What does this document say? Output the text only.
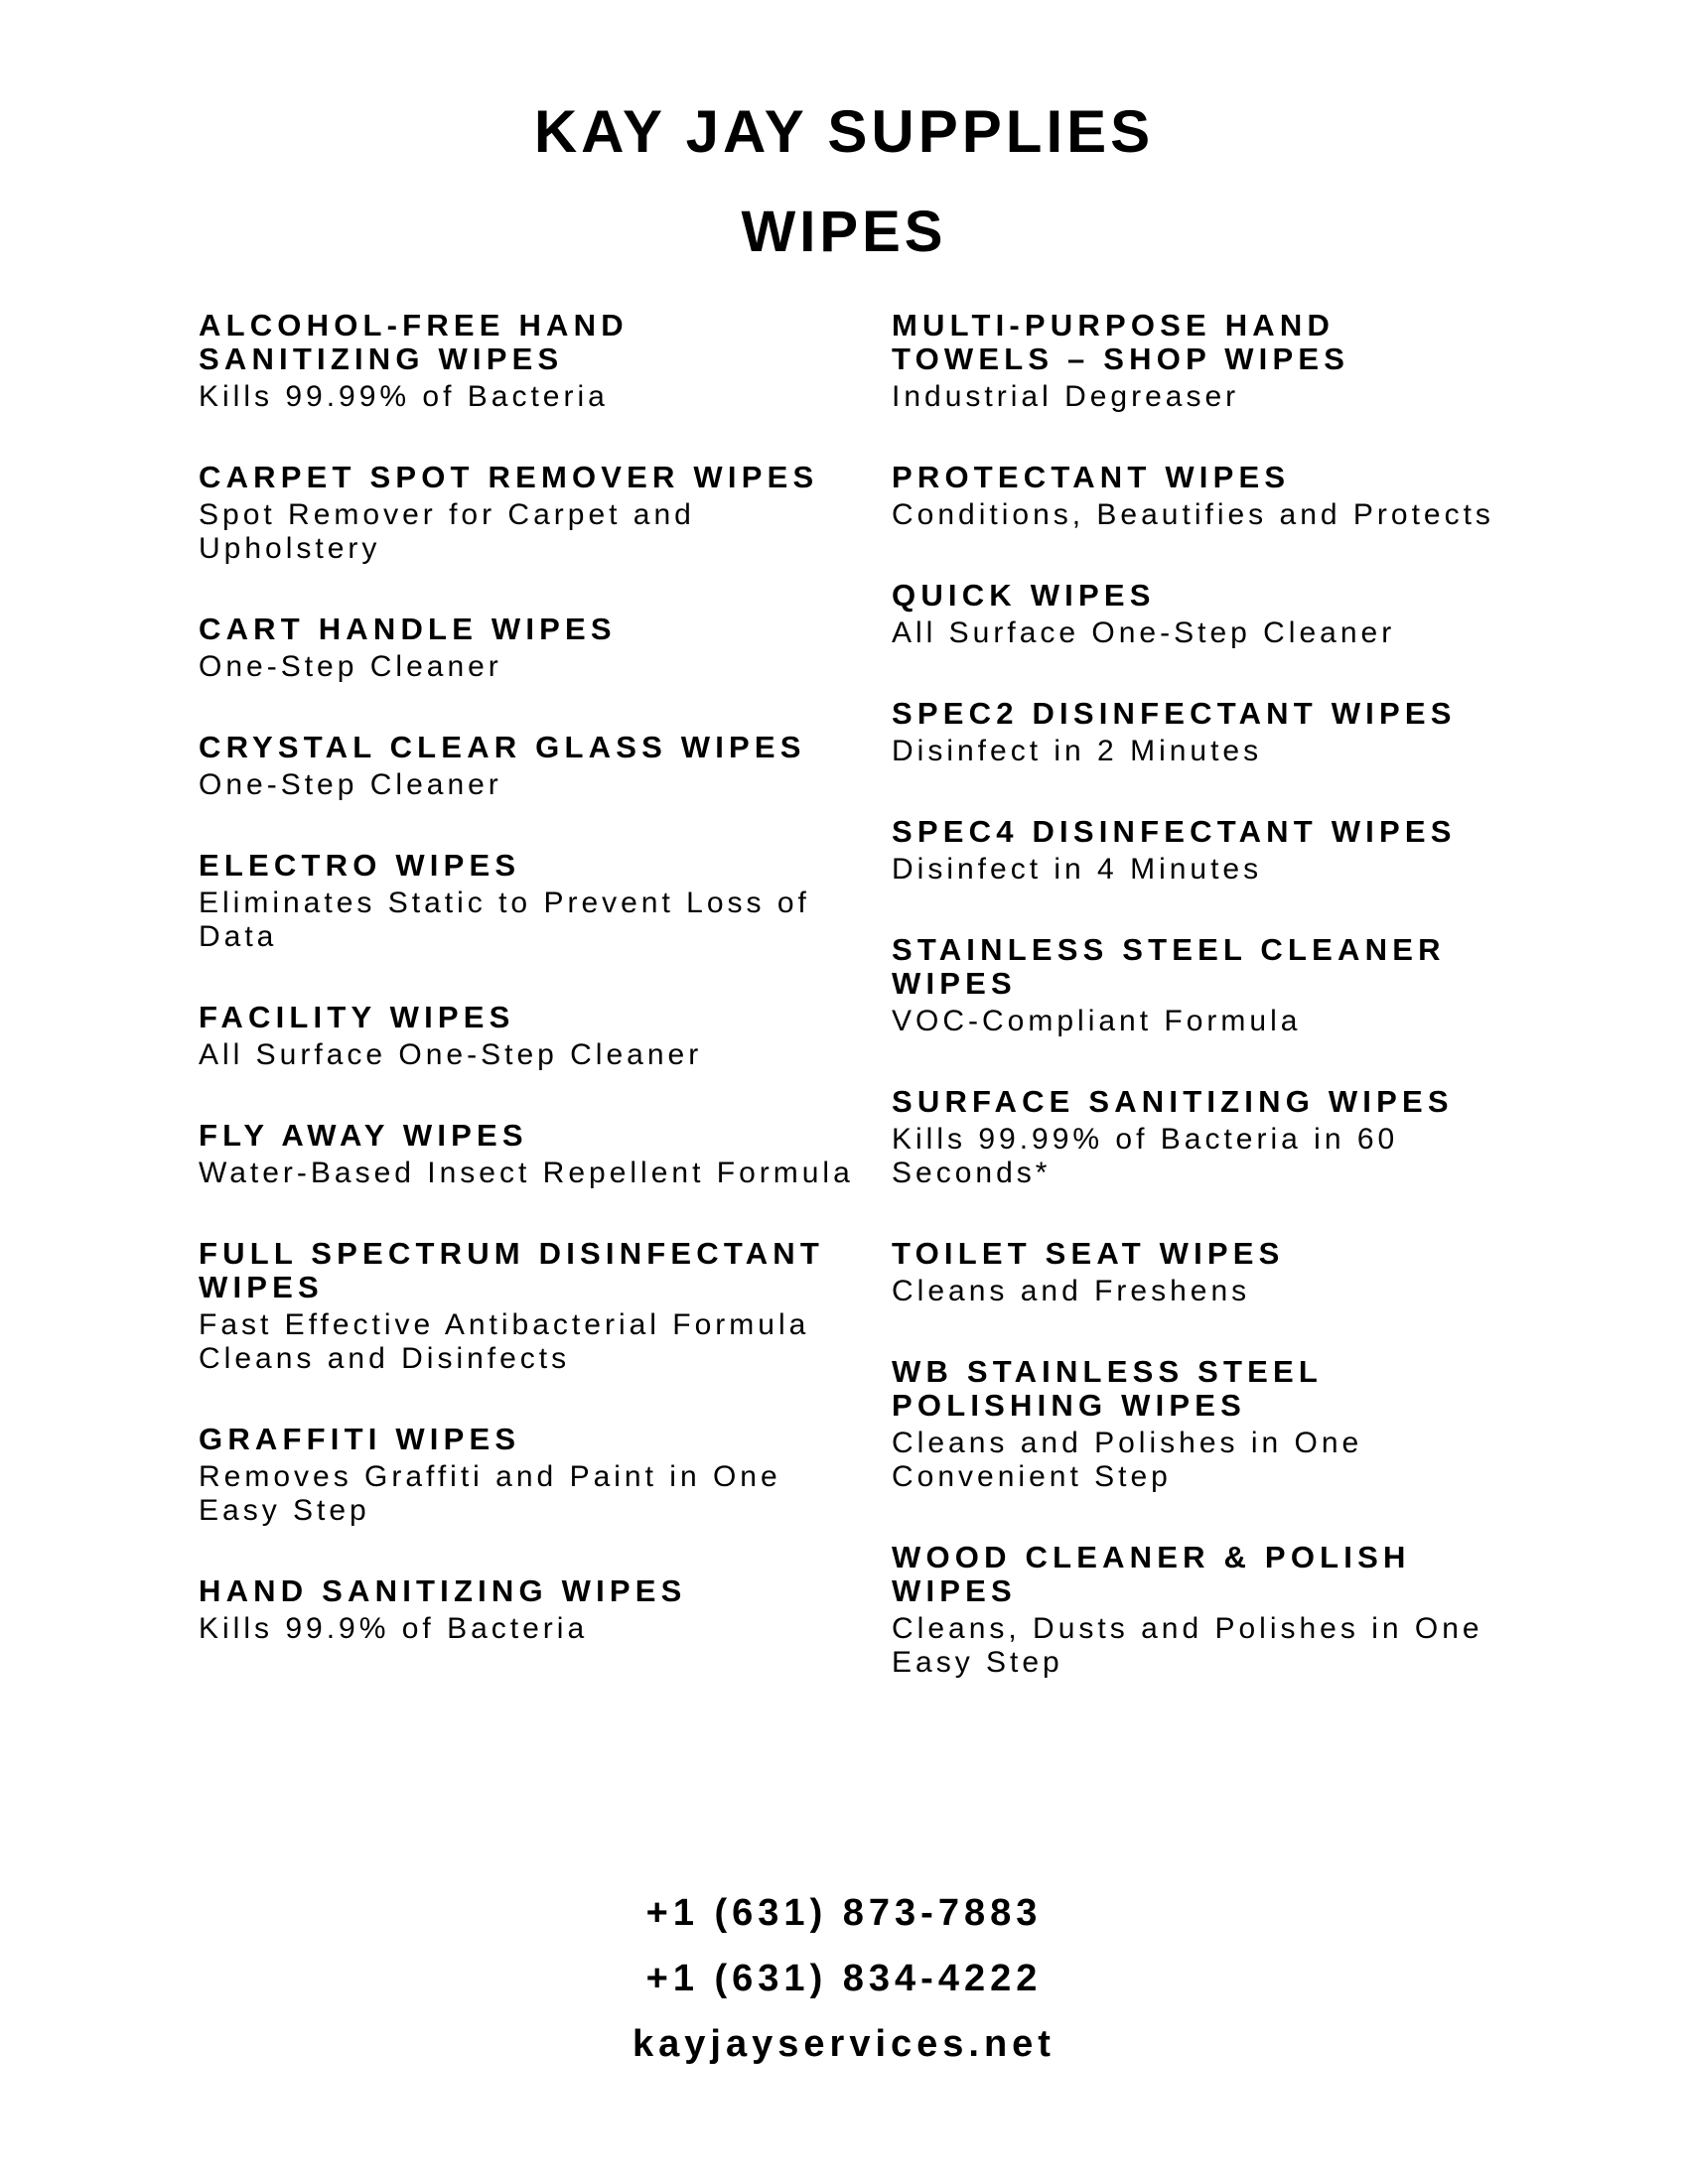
KAY JAY SUPPLIES
WIPES

ALCOHOL-FREE HAND SANITIZING WIPES

Kills 99.99% of Bacteria

CARPET SPOT REMOVER WIPES

Spot Remover for Carpet and Upholstery

CART HANDLE WIPES

One-Step Cleaner

CRYSTAL CLEAR GLASS WIPES

One-Step Cleaner

ELECTRO WIPES

Eliminates Static to Prevent Loss of Data

FACILITY WIPES

All Surface One-Step Cleaner

FLY AWAY WIPES

Water-Based Insect Repellent Formula

FULL SPECTRUM DISINFECTANT WIPES

Fast Effective Antibacterial Formula Cleans and Disinfects

GRAFFITI WIPES

Removes Graffiti and Paint in One Easy Step

HAND SANITIZING WIPES

Kills 99.9% of Bacteria

MULTI-PURPOSE HAND TOWELS – SHOP WIPES

Industrial Degreaser

PROTECTANT WIPES

Conditions, Beautifies and Protects

QUICK WIPES

All Surface One-Step Cleaner

SPEC2 DISINFECTANT WIPES

Disinfect in 2 Minutes

SPEC4 DISINFECTANT WIPES

Disinfect in 4 Minutes

STAINLESS STEEL CLEANER WIPES

VOC-Compliant Formula

SURFACE SANITIZING WIPES

Kills 99.99% of Bacteria in 60 Seconds*

TOILET SEAT WIPES

Cleans and Freshens

WB STAINLESS STEEL POLISHING WIPES

Cleans and Polishes in One Convenient Step

WOOD CLEANER & POLISH WIPES

Cleans, Dusts and Polishes in One Easy Step

+1 (631) 873-7883
+1 (631) 834-4222
kayjayservices.net
